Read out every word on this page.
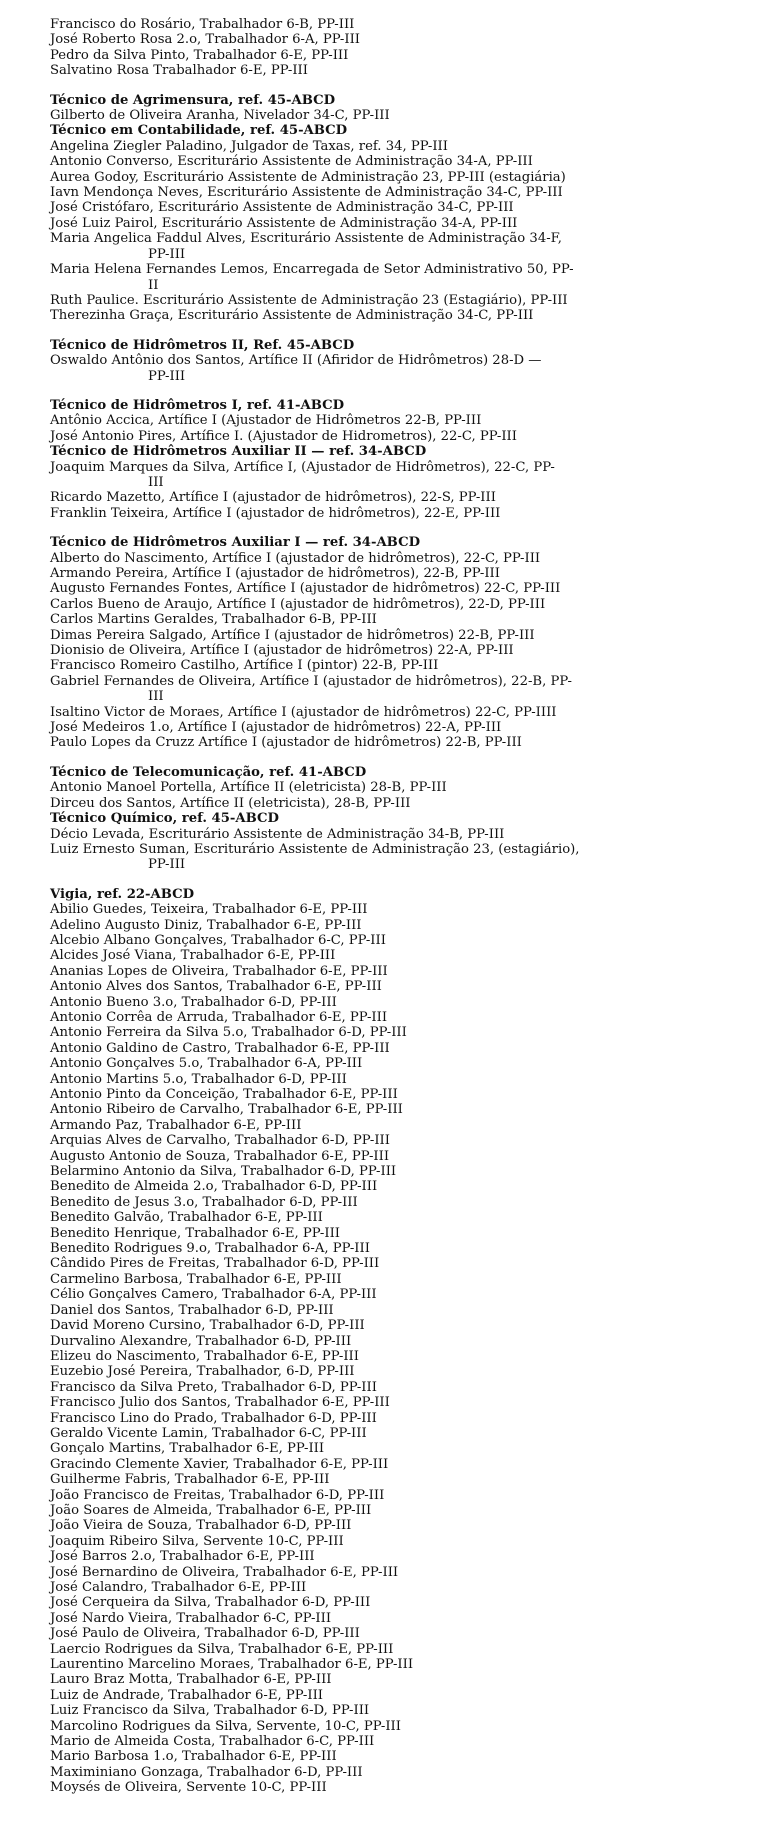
Francisco do Rosário, Trabalhador 6-B, PP-III
José Roberto Rosa 2.o, Trabalhador 6-A, PP-III
Pedro da Silva Pinto, Trabalhador 6-E, PP-III
Salvatino Rosa Trabalhador 6-E, PP-III
Técnico de Agrimensura, ref. 45-ABCD
Gilberto de Oliveira Aranha, Nivelador 34-C, PP-III
Técnico em Contabilidade, ref. 45-ABCD
Angelina Ziegler Paladino, Julgador de Taxas, ref. 34, PP-III
Antonio Converso, Escriturário Assistente de Administração 34-A, PP-III
Aurea Godoy, Escriturário Assistente de Administração 23, PP-III (estagiária)
Iavn Mendonça Neves, Escriturário Assistente de Administração 34-C, PP-III
José Cristófaro, Escriturário Assistente de Administração 34-C, PP-III
José Luiz Pairol, Escriturário Assistente de Administração 34-A, PP-III
Maria Angelica Faddul Alves, Escriturário Assistente de Administração 34-F,
PP-III
Maria Helena Fernandes Lemos, Encarregada de Setor Administrativo 50, PP-
II
Ruth Paulice. Escriturário Assistente de Administração 23 (Estagiário), PP-III
Therezinha Graça, Escriturário Assistente de Administração 34-C, PP-III
Técnico de Hidrômetros II, Ref. 45-ABCD
Oswaldo Antônio dos Santos, Artífice II (Afiridor de Hidrômetros) 28-D —
PP-III
Técnico de Hidrômetros I, ref. 41-ABCD
Antônio Accica, Artífice I (Ajustador de Hidrômetros 22-B, PP-III
José Antonio Pires, Artífice I. (Ajustador de Hidrometros), 22-C, PP-III
Técnico de Hidrômetros Auxiliar II — ref. 34-ABCD
Joaquim Marques da Silva, Artífice I, (Ajustador de Hidrômetros), 22-C, PP-
III
Ricardo Mazetto, Artífice I (ajustador de hidrômetros), 22-S, PP-III
Franklin Teixeira, Artífice I (ajustador de hidrômetros), 22-E, PP-III
Técnico de Hidrômetros Auxiliar I — ref. 34-ABCD
Alberto do Nascimento, Artífice I (ajustador de hidrômetros), 22-C, PP-III
Armando Pereira, Artífice I (ajustador de hidrômetros), 22-B, PP-III
Augusto Fernandes Fontes, Artífice I (ajustador de hidrômetros) 22-C, PP-III
Carlos Bueno de Araujo, Artífice I (ajustador de hidrômetros), 22-D, PP-III
Carlos Martins Geraldes, Trabalhador 6-B, PP-III
Dimas Pereira Salgado, Artífice I (ajustador de hidrômetros) 22-B, PP-III
Dionisio de Oliveira, Artífice I (ajustador de hidrômetros) 22-A, PP-III
Francisco Romeiro Castilho, Artífice I (pintor) 22-B, PP-III
Gabriel Fernandes de Oliveira, Artífice I (ajustador de hidrômetros), 22-B, PP-
III
Isaltino Victor de Moraes, Artífice I (ajustador de hidrômetros) 22-C, PP-IIII
José Medeiros 1.o, Artífice I (ajustador de hidrômetros) 22-A, PP-III
Paulo Lopes da Cruzz Artífice I (ajustador de hidrômetros) 22-B, PP-III
Técnico de Telecomunicação, ref. 41-ABCD
Antonio Manoel Portella, Artífice II (eletricista) 28-B, PP-III
Dirceu dos Santos, Artífice II (eletricista), 28-B, PP-III
Técnico Químico, ref. 45-ABCD
Décio Levada, Escriturário Assistente de Administração 34-B, PP-III
Luiz Ernesto Suman, Escriturário Assistente de Administração 23, (estagiário),
PP-III
Vigia, ref. 22-ABCD
Abilio Guedes, Teixeira, Trabalhador 6-E, PP-III
Adelino Augusto Diniz, Trabalhador 6-E, PP-III
Alcebio Albano Gonçalves, Trabalhador 6-C, PP-III
Alcides José Viana, Trabalhador 6-E, PP-III
Ananias Lopes de Oliveira, Trabalhador 6-E, PP-III
Antonio Alves dos Santos, Trabalhador 6-E, PP-III
Antonio Bueno 3.o, Trabalhador 6-D, PP-III
Antonio Corrêa de Arruda, Trabalhador 6-E, PP-III
Antonio Ferreira da Silva 5.o, Trabalhador 6-D, PP-III
Antonio Galdino de Castro, Trabalhador 6-E, PP-III
Antonio Gonçalves 5.o, Trabalhador 6-A, PP-III
Antonio Martins 5.o, Trabalhador 6-D, PP-III
Antonio Pinto da Conceição, Trabalhador 6-E, PP-III
Antonio Ribeiro de Carvalho, Trabalhador 6-E, PP-III
Armando Paz, Trabalhador 6-E, PP-III
Arquias Alves de Carvalho, Trabalhador 6-D, PP-III
Augusto Antonio de Souza, Trabalhador 6-E, PP-III
Belarmino Antonio da Silva, Trabalhador 6-D, PP-III
Benedito de Almeida 2.o, Trabalhador 6-D, PP-III
Benedito de Jesus 3.o, Trabalhador 6-D, PP-III
Benedito Galvão, Trabalhador 6-E, PP-III
Benedito Henrique, Trabalhador 6-E, PP-III
Benedito Rodrigues 9.o, Trabalhador 6-A, PP-III
Cândido Pires de Freitas, Trabalhador 6-D, PP-III
Carmelino Barbosa, Trabalhador 6-E, PP-III
Célio Gonçalves Camero, Trabalhador 6-A, PP-III
Daniel dos Santos, Trabalhador 6-D, PP-III
David Moreno Cursino, Trabalhador 6-D, PP-III
Durvalino Alexandre, Trabalhador 6-D, PP-III
Elizeu do Nascimento, Trabalhador 6-E, PP-III
Euzebio José Pereira, Trabalhador, 6-D, PP-III
Francisco da Silva Preto, Trabalhador 6-D, PP-III
Francisco Julio dos Santos, Trabalhador 6-E, PP-III
Francisco Lino do Prado, Trabalhador 6-D, PP-III
Geraldo Vicente Lamin, Trabalhador 6-C, PP-III
Gonçalo Martins, Trabalhador 6-E, PP-III
Gracindo Clemente Xavier, Trabalhador 6-E, PP-III
Guilherme Fabris, Trabalhador 6-E, PP-III
João Francisco de Freitas, Trabalhador 6-D, PP-III
João Soares de Almeida, Trabalhador 6-E, PP-III
João Vieira de Souza, Trabalhador 6-D, PP-III
Joaquim Ribeiro Silva, Servente 10-C, PP-III
José Barros 2.o, Trabalhador 6-E, PP-III
José Bernardino de Oliveira, Trabalhador 6-E, PP-III
José Calandro, Trabalhador 6-E, PP-III
José Cerqueira da Silva, Trabalhador 6-D, PP-III
José Nardo Vieira, Trabalhador 6-C, PP-III
José Paulo de Oliveira, Trabalhador 6-D, PP-III
Laercio Rodrigues da Silva, Trabalhador 6-E, PP-III
Laurentino Marcelino Moraes, Trabalhador 6-E, PP-III
Lauro Braz Motta, Trabalhador 6-E, PP-III
Luiz de Andrade, Trabalhador 6-E, PP-III
Luiz Francisco da Silva, Trabalhador 6-D, PP-III
Marcolino Rodrigues da Silva, Servente, 10-C, PP-III
Mario de Almeida Costa, Trabalhador 6-C, PP-III
Mario Barbosa 1.o, Trabalhador 6-E, PP-III
Maximiniano Gonzaga, Trabalhador 6-D, PP-III
Moysés de Oliveira, Servente 10-C, PP-III
